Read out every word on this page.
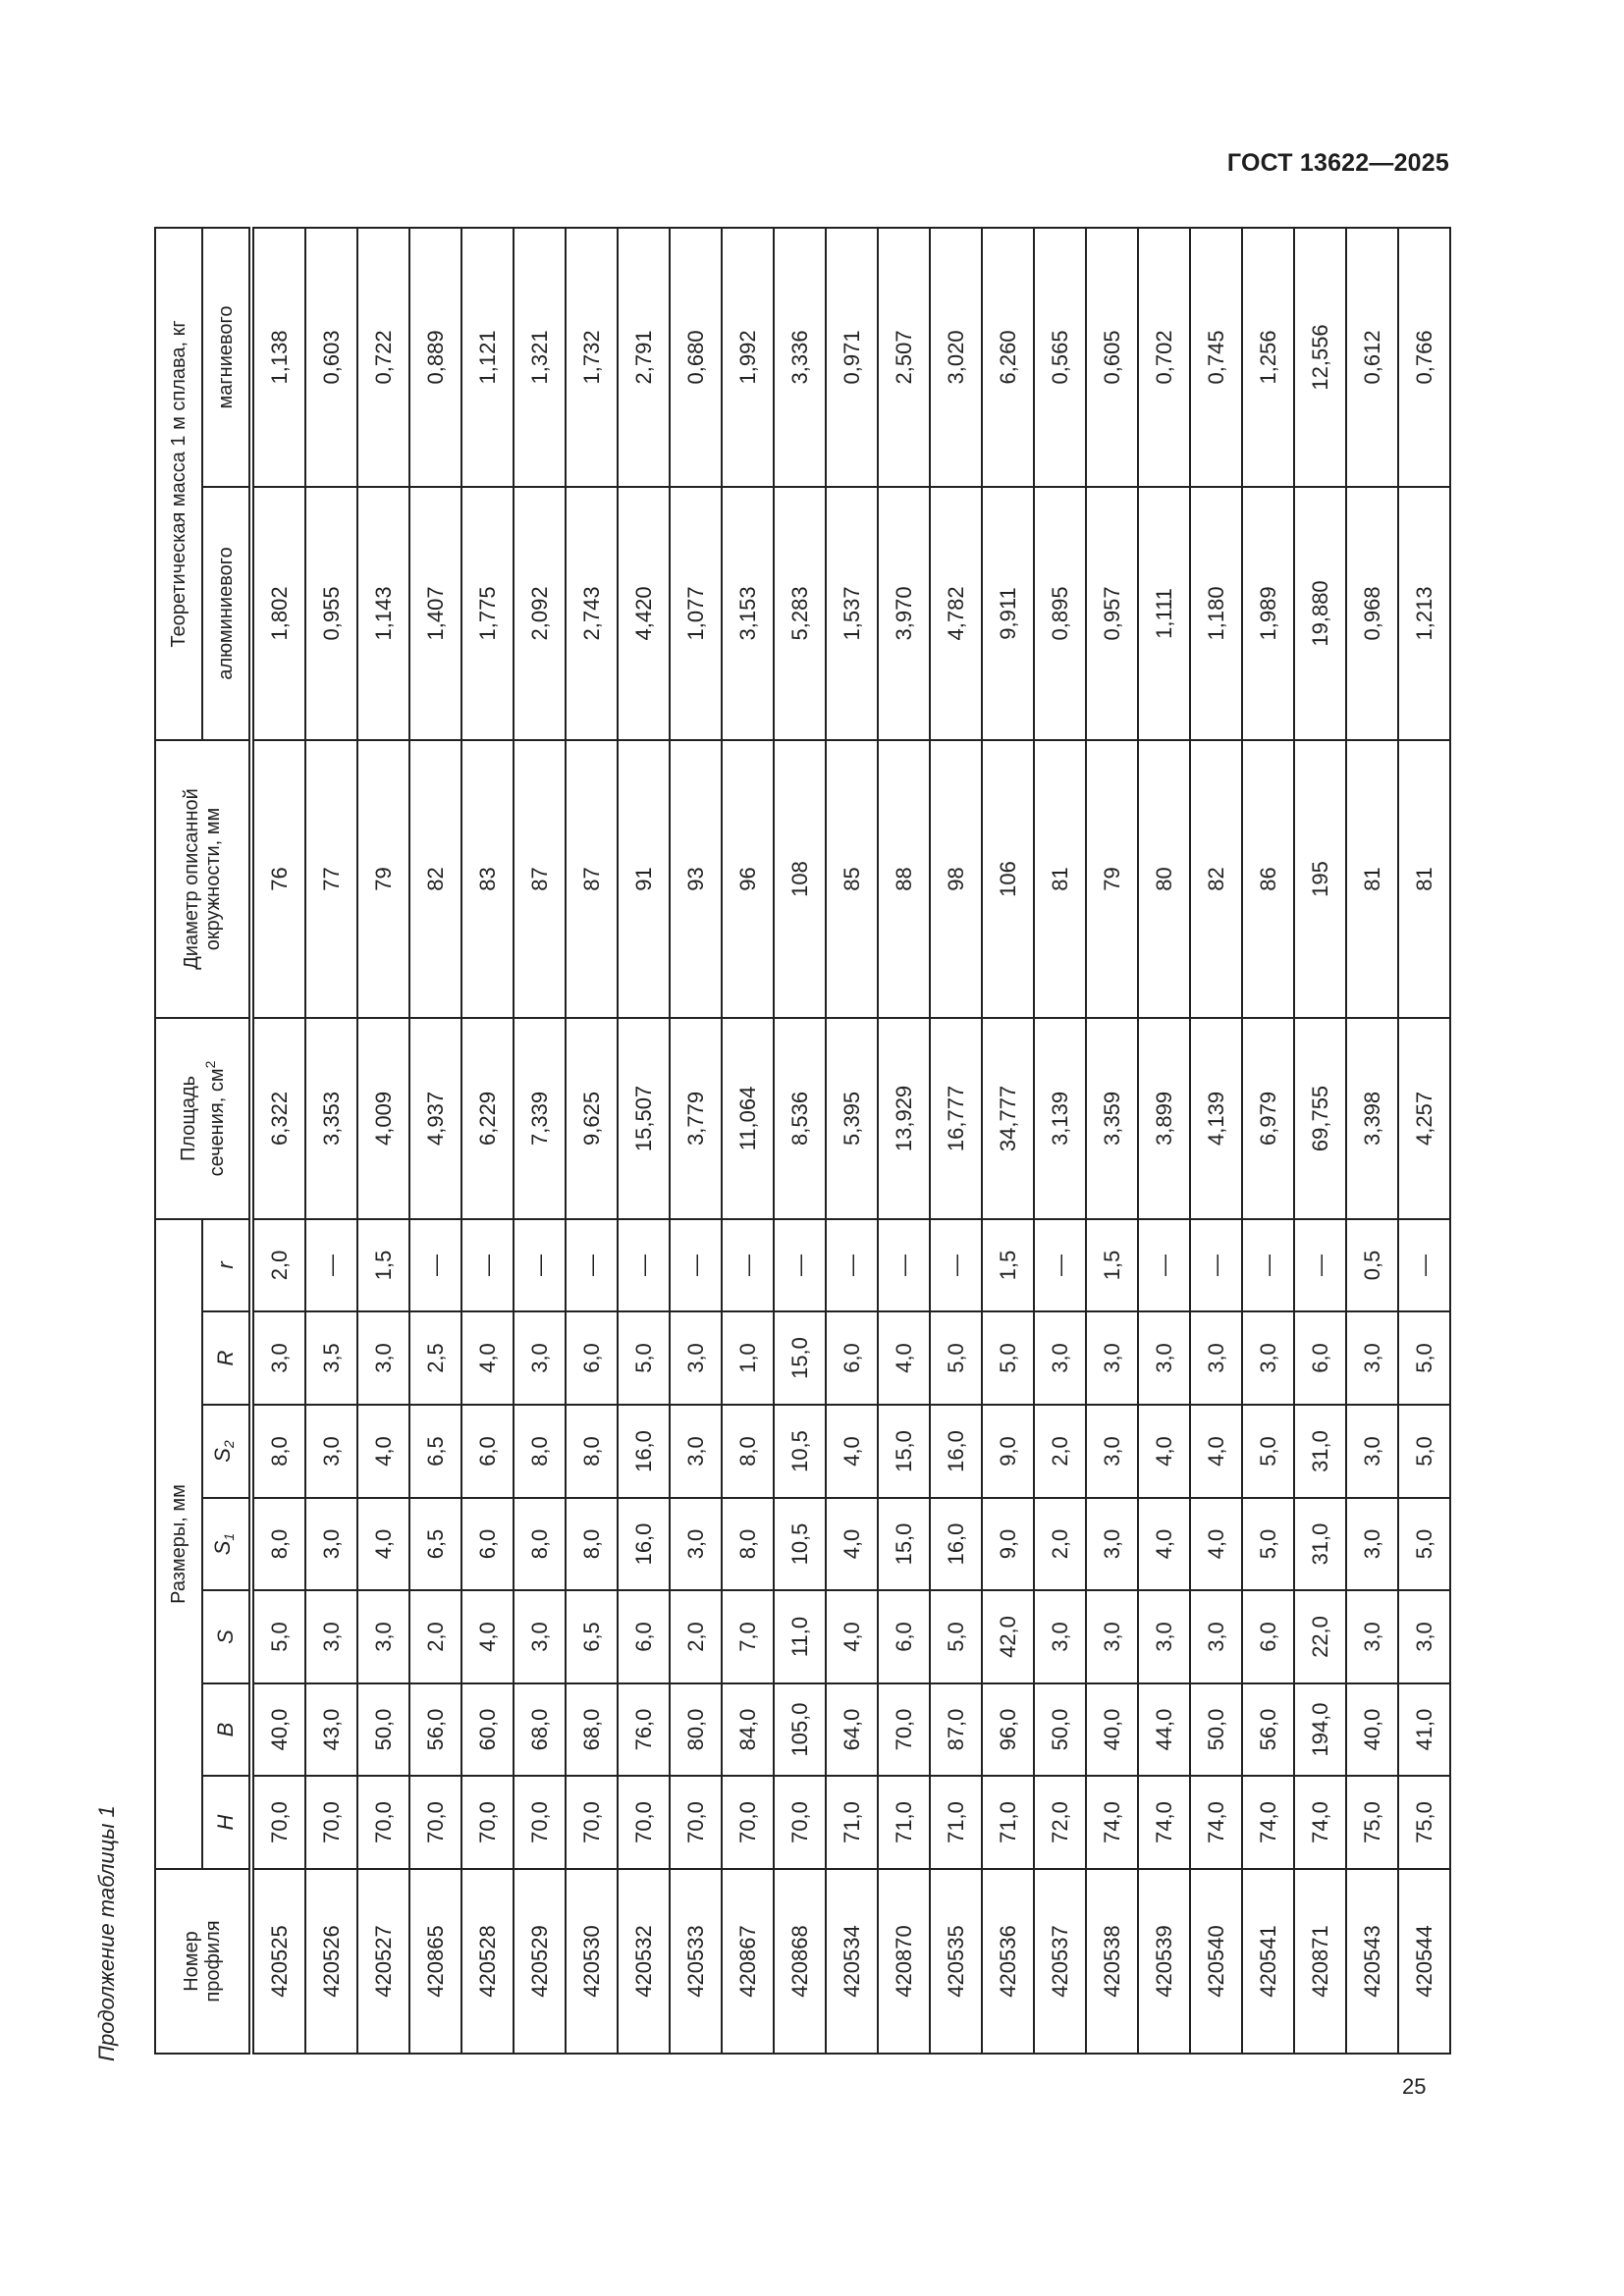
ГОСТ 13622—2025
Продолжение таблицы 1	Номер профиля	Размеры, мм							Площадь сечения, $см^2$	Диаметр описанной
окружности, мм	Теоретическая масса 1 м сплава, кг	
	H	B	S	$S_1$	$S_2$	R	r			алюминиевого	магниевого
420525	70,0	40,0	5,0	8,0	8,0	3,0	2,0	6,322	76	1,802	1,138
420526	70,0	43,0	3,0	3,0	3,0	3,5	—	3,353	77	0,955	0,603
420527	70,0	50,0	3,0	4,0	4,0	3,0	1,5	4,009	79	1,143	0,722
420865	70,0	56,0	2,0	6,5	6,5	2,5	—	4,937	82	1,407	0,889
420528	70,0	60,0	4,0	6,0	6,0	4,0	—	6,229	83	1,775	1,121
420529	70,0	68,0	3,0	8,0	8,0	3,0	—	7,339	87	2,092	1,321
420530	70,0	68,0	6,5	8,0	8,0	6,0	—	9,625	87	2,743	1,732
420532	70,0	76,0	6,0	16,0	16,0	5,0	—	15,507	91	4,420	2,791
420533	70,0	80,0	2,0	3,0	3,0	3,0	—	3,779	93	1,077	0,680
420867	70,0	84,0	7,0	8,0	8,0	1,0	—	11,064	96	3,153	1,992
420868	70,0	105,0	11,0	10,5	10,5	15,0	—	8,536	108	5,283	3,336
420534	71,0	64,0	4,0	4,0	4,0	6,0	—	5,395	85	1,537	0,971
420870	71,0	70,0	6,0	15,0	15,0	4,0	—	13,929	88	3,970	2,507
420535	71,0	87,0	5,0	16,0	16,0	5,0	—	16,777	98	4,782	3,020
420536	71,0	96,0	42,0	9,0	9,0	5,0	1,5	34,777	106	9,911	6,260
420537	72,0	50,0	3,0	2,0	2,0	3,0	—	3,139	81	0,895	0,565
420538	74,0	40,0	3,0	3,0	3,0	3,0	1,5	3,359	79	0,957	0,605
420539	74,0	44,0	3,0	4,0	4,0	3,0	—	3,899	80	1,111	0,702
420540	74,0	50,0	3,0	4,0	4,0	3,0	—	4,139	82	1,180	0,745
420541	74,0	56,0	6,0	5,0	5,0	3,0	—	6,979	86	1,989	1,256
420871	74,0	194,0	22,0	31,0	31,0	6,0	—	69,755	195	19,880	12,556
420543	75,0	40,0	3,0	3,0	3,0	3,0	0,5	3,398	81	0,968	0,612
420544	75,0	41,0	3,0	5,0	5,0	5,0	—	4,257	81	1,213	0,766
25
